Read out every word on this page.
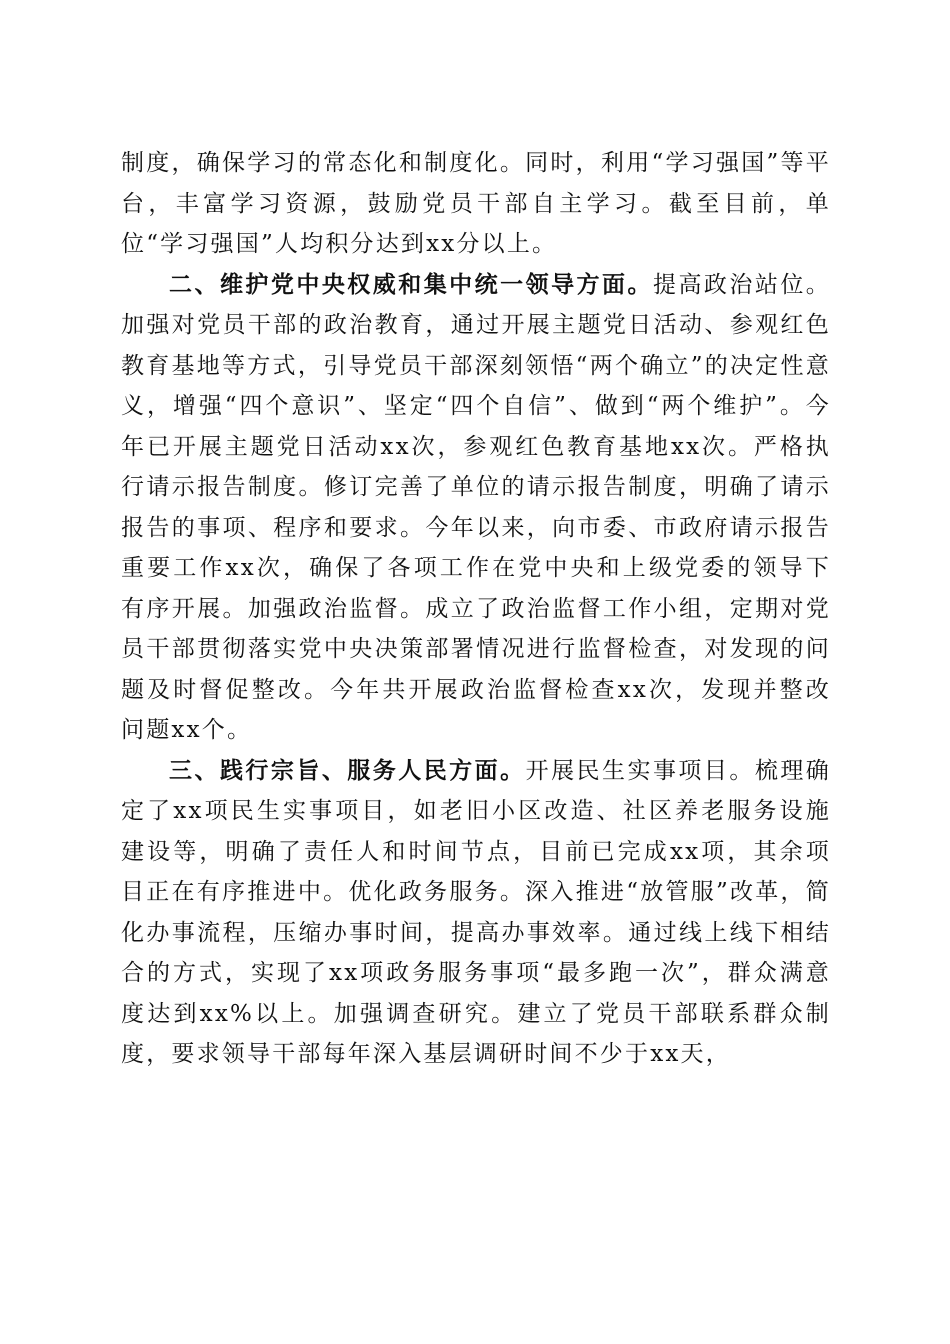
制度，确保学习的常态化和制度化。同时，利用“学习强国”等平台，丰富学习资源，鼓励党员干部自主学习。截至目前，单位“学习强国”人均积分达到xx分以上。

二、维护党中央权威和集中统一领导方面。提高政治站位。加强对党员干部的政治教育，通过开展主题党日活动、参观红色教育基地等方式，引导党员干部深刻领悟“两个确立”的决定性意义，增强“四个意识”、坚定“四个自信”、做到“两个维护”。今年已开展主题党日活动xx次，参观红色教育基地xx次。严格执行请示报告制度。修订完善了单位的请示报告制度，明确了请示报告的事项、程序和要求。今年以来，向市委、市政府请示报告重要工作xx次，确保了各项工作在党中央和上级党委的领导下有序开展。加强政治监督。成立了政治监督工作小组，定期对党员干部贯彻落实党中央决策部署情况进行监督检查，对发现的问题及时督促整改。今年共开展政治监督检查xx次，发现并整改问题xx个。

三、践行宗旨、服务人民方面。开展民生实事项目。梳理确定了xx项民生实事项目，如老旧小区改造、社区养老服务设施建设等，明确了责任人和时间节点，目前已完成xx项，其余项目正在有序推进中。优化政务服务。深入推进“放管服”改革，简化办事流程，压缩办事时间，提高办事效率。通过线上线下相结合的方式，实现了xx项政务服务事项“最多跑一次”，群众满意度达到xx%以上。加强调查研究。建立了党员干部联系群众制度，要求领导干部每年深入基层调研时间不少于xx天，
